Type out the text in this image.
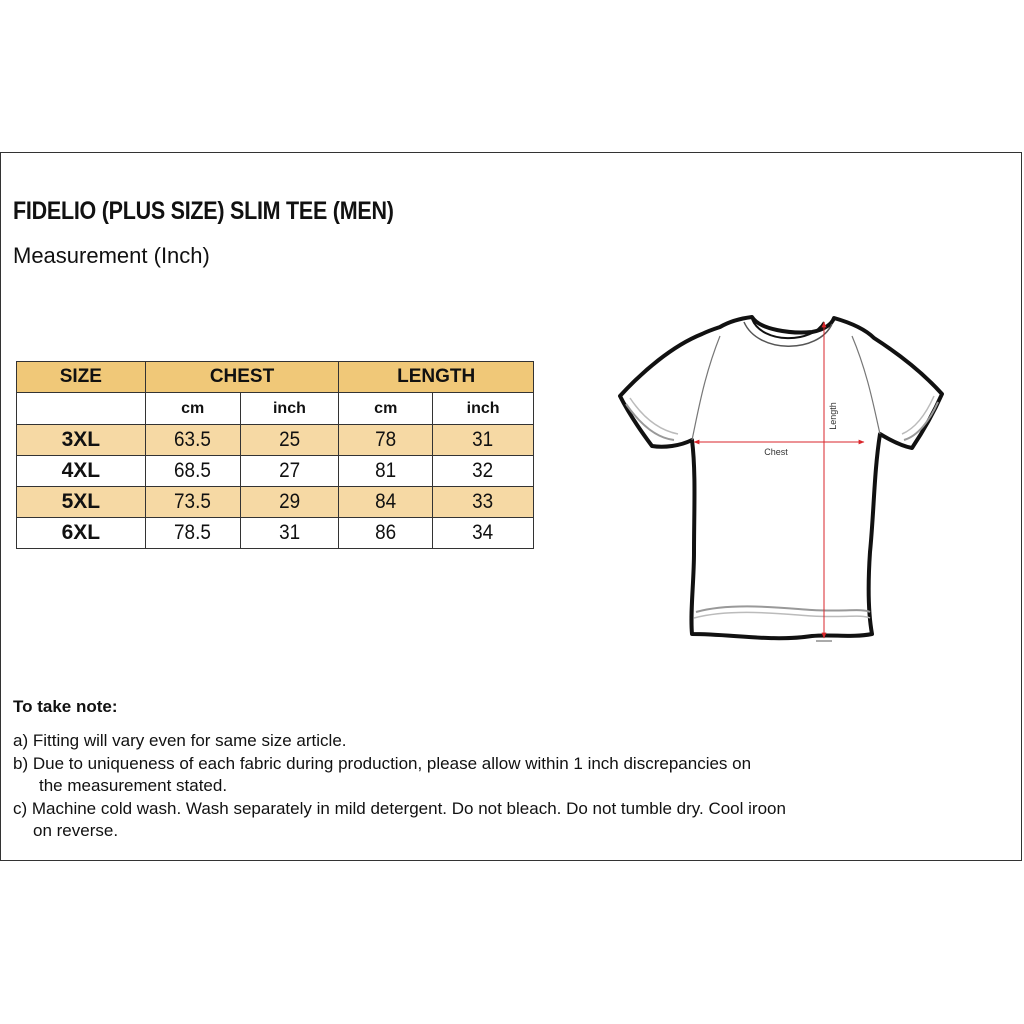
FIDELIO (PLUS SIZE) SLIM TEE (MEN)
Measurement (Inch)
SIZE	CHEST		LENGTH	
	cm	inch	cm	inch
3XL	63.5	25	78	31
4XL	68.5	27	81	32
5XL	73.5	29	84	33
6XL	78.5	31	86	34
Chest
Length
To take note:
a) Fitting will vary even for same size article.
b) Due to uniqueness of each fabric during production, please allow within 1 inch discrepancies on
the measurement stated.
c) Machine cold wash. Wash separately in mild detergent. Do not bleach. Do not tumble dry. Cool iroon
on reverse.
